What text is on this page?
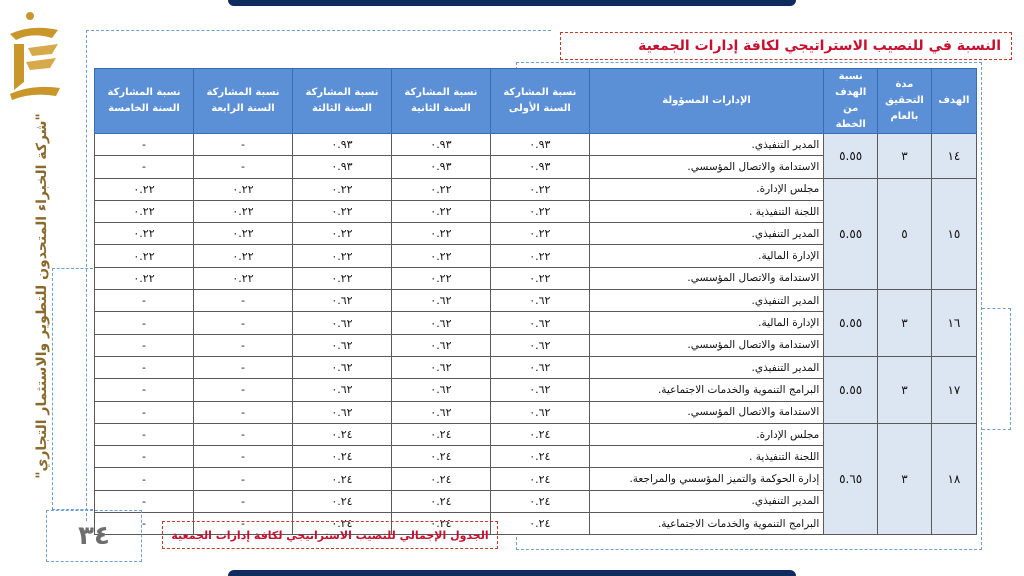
"شركة الخبراء المتحدون للتطوير والاستثمار التجاري"
النسبة في للنصيب الاستراتيجي لكافة إدارات الجمعية
الهدف	مدة التحقيق بالعام	نسبة الهدف من الخطة	الإدارات المسؤولة	نسبة المشاركة السنة الأولى	نسبة المشاركة السنة الثانية	نسبة المشاركة السنة الثالثة	نسبة المشاركة السنة الرابعة	نسبة المشاركة السنة الخامسة
١٤	٣	٥.٥٥	المدير التنفيذي.	٠.٩٣	٠.٩٣	٠.٩٣	-	-
			الاستدامة والاتصال المؤسسي.	٠.٩٣	٠.٩٣	٠.٩٣	-	-
١٥	٥	٥.٥٥	مجلس الإدارة.	٠.٢٢	٠.٢٢	٠.٢٢	٠.٢٢	٠.٢٢
			اللجنة التنفيذية .	٠.٢٢	٠.٢٢	٠.٢٢	٠.٢٢	٠.٢٢
			المدير التنفيذي.	٠.٢٢	٠.٢٢	٠.٢٢	٠.٢٢	٠.٢٢
			الإدارة المالية.	٠.٢٢	٠.٢٢	٠.٢٢	٠.٢٢	٠.٢٢
			الاستدامة والاتصال المؤسسي.	٠.٢٢	٠.٢٢	٠.٢٢	٠.٢٢	٠.٢٢
١٦	٣	٥.٥٥	المدير التنفيذي.	٠.٦٢	٠.٦٢	٠.٦٢	-	-
			الإدارة المالية.	٠.٦٢	٠.٦٢	٠.٦٢	-	-
			الاستدامة والاتصال المؤسسي.	٠.٦٢	٠.٦٢	٠.٦٢	-	-
١٧	٣	٥.٥٥	المدير التنفيذي.	٠.٦٢	٠.٦٢	٠.٦٢	-	-
			البرامج التنموية والخدمات الاجتماعية.	٠.٦٢	٠.٦٢	٠.٦٢	-	-
			الاستدامة والاتصال المؤسسي.	٠.٦٢	٠.٦٢	٠.٦٢	-	-
١٨	٣	٥.٦٥	مجلس الإدارة.	٠.٢٤	٠.٢٤	٠.٢٤	-	-
			اللجنة التنفيذية .	٠.٢٤	٠.٢٤	٠.٢٤	-	-
			إدارة الحوكمة والتميز المؤسسي والمراجعة.	٠.٢٤	٠.٢٤	٠.٢٤	-	-
			المدير التنفيذي.	٠.٢٤	٠.٢٤	٠.٢٤	-	-
			البرامج التنموية والخدمات الاجتماعية.	٠.٢٤	٠.٢٤	٠.٢٤	-	-
الجدول الإجمالي للنصيب الاستراتيجي لكافة إدارات الجمعية
٣٤
